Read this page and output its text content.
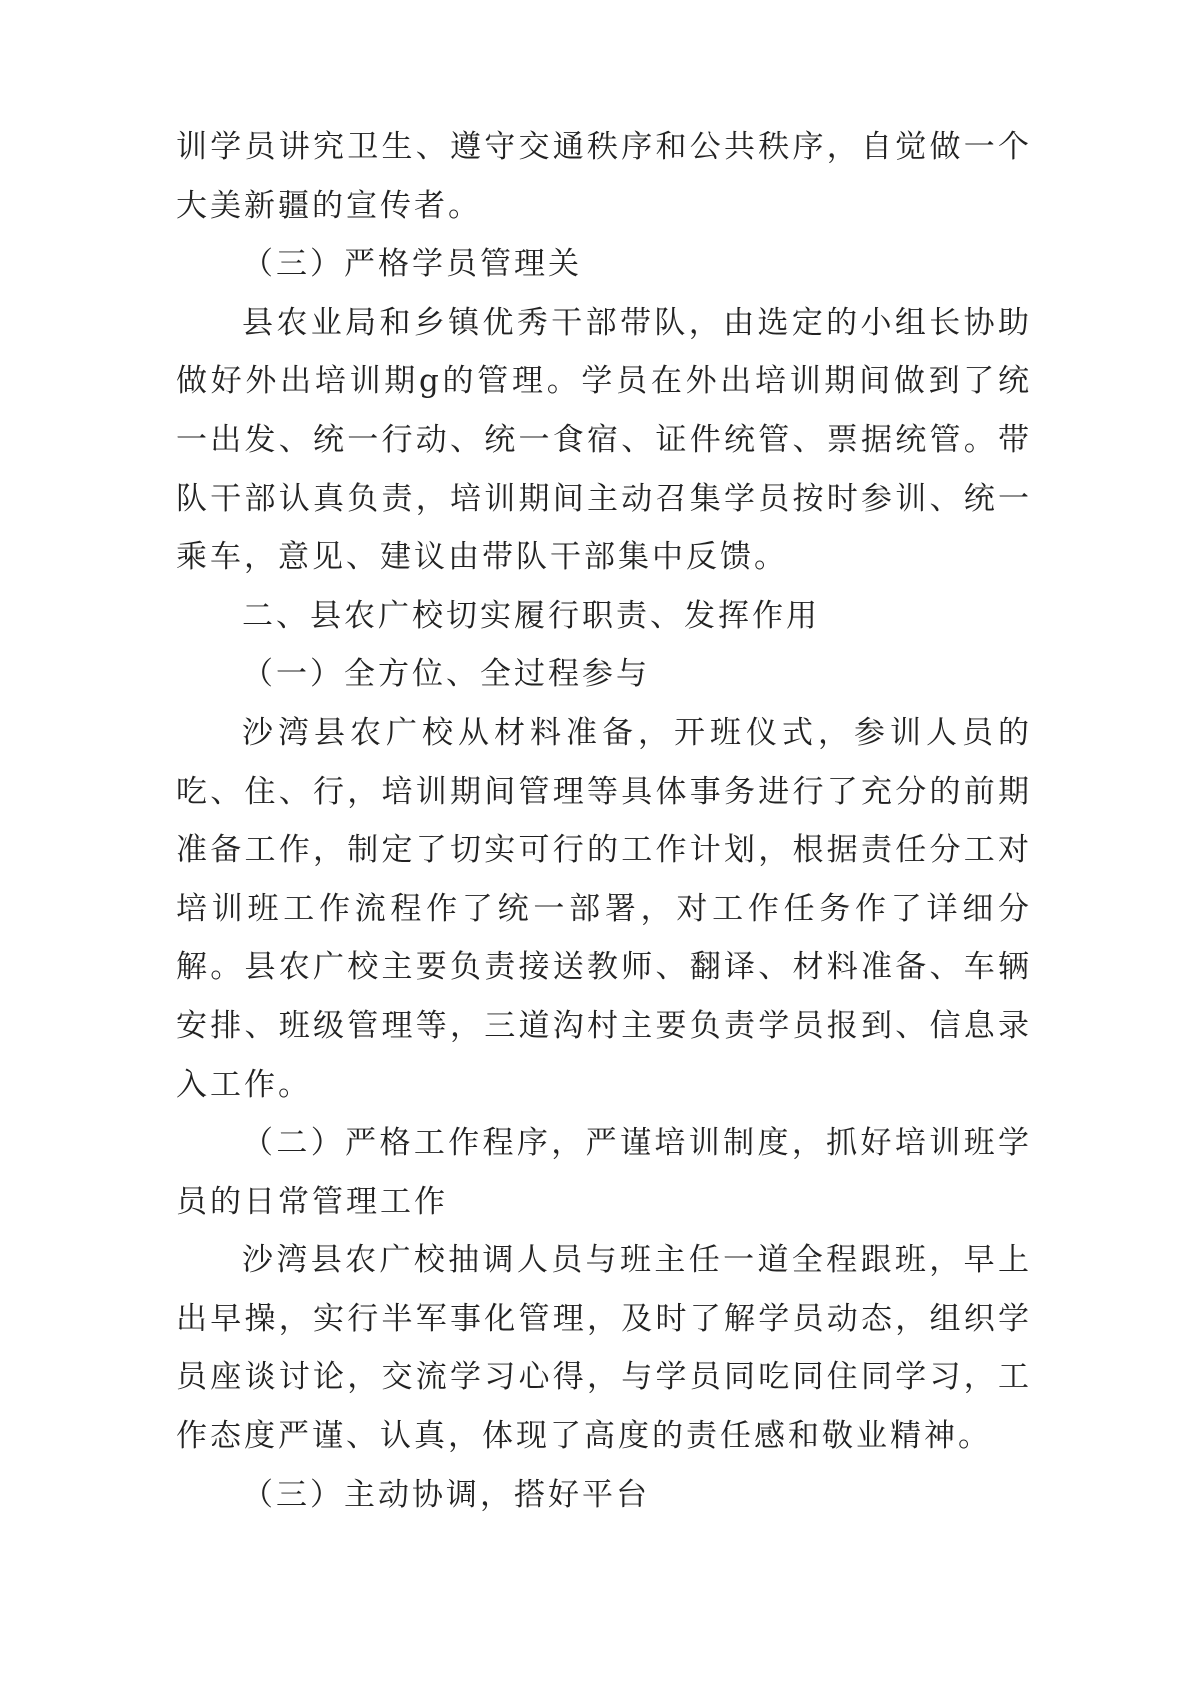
训学员讲究卫生、遵守交通秩序和公共秩序，自觉做一个大美新疆的宣传者。

（三）严格学员管理关

县农业局和乡镇优秀干部带队，由选定的小组长协助做好外出培训期g的管理。学员在外出培训期间做到了统一出发、统一行动、统一食宿、证件统管、票据统管。带队干部认真负责，培训期间主动召集学员按时参训、统一乘车，意见、建议由带队干部集中反馈。

二、县农广校切实履行职责、发挥作用

（一）全方位、全过程参与

沙湾县农广校从材料准备，开班仪式，参训人员的吃、住、行，培训期间管理等具体事务进行了充分的前期准备工作，制定了切实可行的工作计划，根据责任分工对培训班工作流程作了统一部署，对工作任务作了详细分解。县农广校主要负责接送教师、翻译、材料准备、车辆安排、班级管理等，三道沟村主要负责学员报到、信息录入工作。

（二）严格工作程序，严谨培训制度，抓好培训班学员的日常管理工作

沙湾县农广校抽调人员与班主任一道全程跟班，早上出早操，实行半军事化管理，及时了解学员动态，组织学员座谈讨论，交流学习心得，与学员同吃同住同学习，工作态度严谨、认真，体现了高度的责任感和敬业精神。

（三）主动协调，搭好平台
